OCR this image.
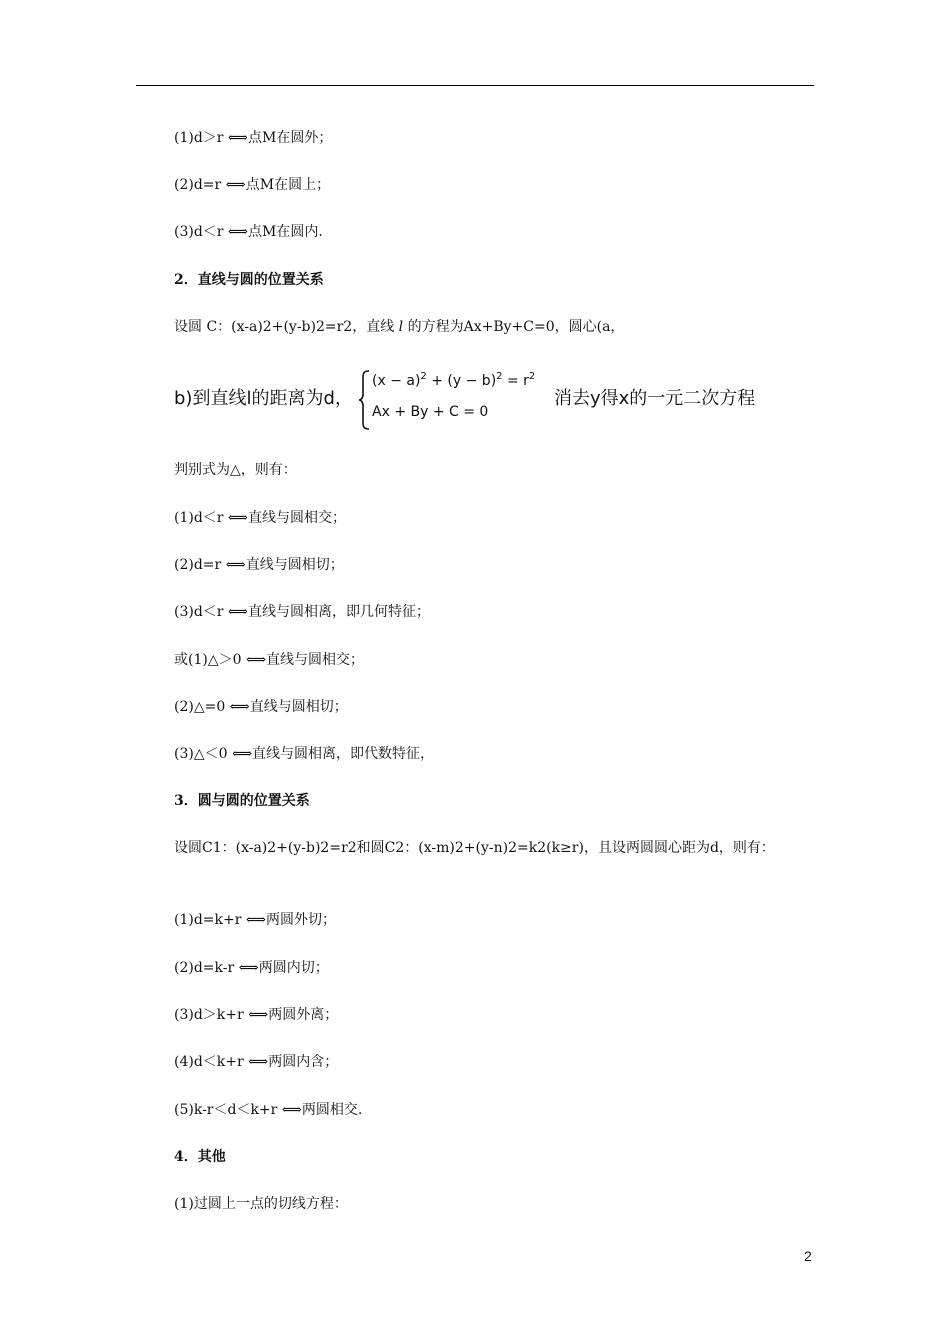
(1)d＞r ⟺点M在圆外；
(2)d=r ⟺点M在圆上；
(3)d＜r ⟺点M在圆内.
2．直线与圆的位置关系
设圆 C：(x-a)2+(y-b)2=r2，直线 l 的方程为Ax+By+C=0，圆心(a，
b)到直线l的距离为d，
$(x - a)^2 + (y - b)^2 = r^2$
Ax + By + C = 0
消去y得x的一元二次方程
判别式为△，则有：
(1)d＜r ⟺直线与圆相交；
(2)d=r ⟺直线与圆相切；
(3)d＜r ⟺直线与圆相离，即几何特征；
或(1)△＞0 ⟺直线与圆相交；
(2)△=0 ⟺直线与圆相切；
(3)△＜0 ⟺直线与圆相离，即代数特征，
3．圆与圆的位置关系
设圆C1：(x-a)2+(y-b)2=r2和圆C2：(x-m)2+(y-n)2=k2(k≥r)，且设两圆圆心距为d，则有：
(1)d=k+r ⟺两圆外切；
(2)d=k-r ⟺两圆内切；
(3)d＞k+r ⟺两圆外离；
(4)d＜k+r ⟺两圆内含；
(5)k-r＜d＜k+r ⟺两圆相交.
4．其他
(1)过圆上一点的切线方程：
2
